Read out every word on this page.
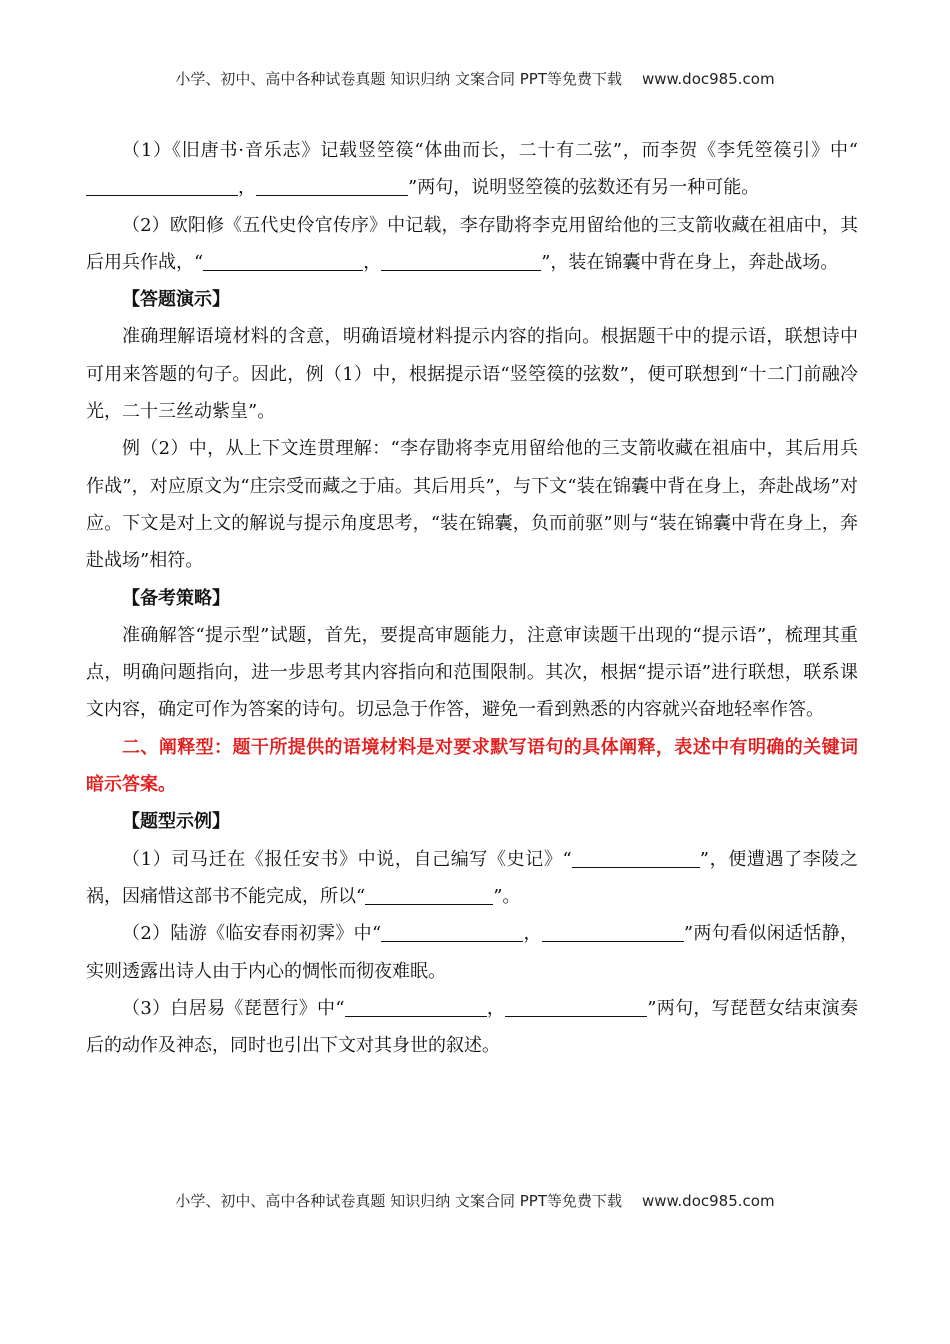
小学、初中、高中各种试卷真题 知识归纳 文案合同 PPT等免费下载 www.doc985.com

（1）《旧唐书·音乐志》记载竖箜篌“体曲而长，二十有二弦”，而李贺《李凭箜篌引》中“，	”两句，说明竖箜篌的弦数还有另一种可能。

（2）欧阳修《五代史伶官传序》中记载，李存勖将李克用留给他的三支箭收藏在祖庙中，其后用兵作战，“	，	”，装在锦囊中背在身上，奔赴战场。

【答题演示】

准确理解语境材料的含意，明确语境材料提示内容的指向。根据题干中的提示语，联想诗中可用来答题的句子。因此，例（1）中，根据提示语“竖箜篌的弦数”，便可联想到“十二门前融冷光，二十三丝动紫皇”。

例（2）中，从上下文连贯理解：“李存勖将李克用留给他的三支箭收藏在祖庙中，其后用兵作战”，对应原文为“庄宗受而藏之于庙。其后用兵”，与下文“装在锦囊中背在身上，奔赴战场”对应。下文是对上文的解说与提示角度思考，“装在锦囊，负而前驱”则与“装在锦囊中背在身上，奔赴战场”相符。

【备考策略】

准确解答“提示型”试题，首先，要提高审题能力，注意审读题干出现的“提示语”，梳理其重点，明确问题指向，进一步思考其内容指向和范围限制。其次，根据“提示语”进行联想，联系课文内容，确定可作为答案的诗句。切忌急于作答，避免一看到熟悉的内容就兴奋地轻率作答。

二、阐释型：题干所提供的语境材料是对要求默写语句的具体阐释，表述中有明确的关键词暗示答案。

【题型示例】

（1）司马迁在《报任安书》中说，自己编写《史记》“	”，便遭遇了李陵之祸，因痛惜这部书不能完成，所以“	”。

（2）陆游《临安春雨初霁》中“	，	”两句看似闲适恬静，实则透露出诗人由于内心的惆怅而彻夜难眠。

（3）白居易《琵琶行》中“	，	”两句，写琵琶女结束演奏后的动作及神态，同时也引出下文对其身世的叙述。

小学、初中、高中各种试卷真题 知识归纳 文案合同 PPT等免费下载 www.doc985.com
